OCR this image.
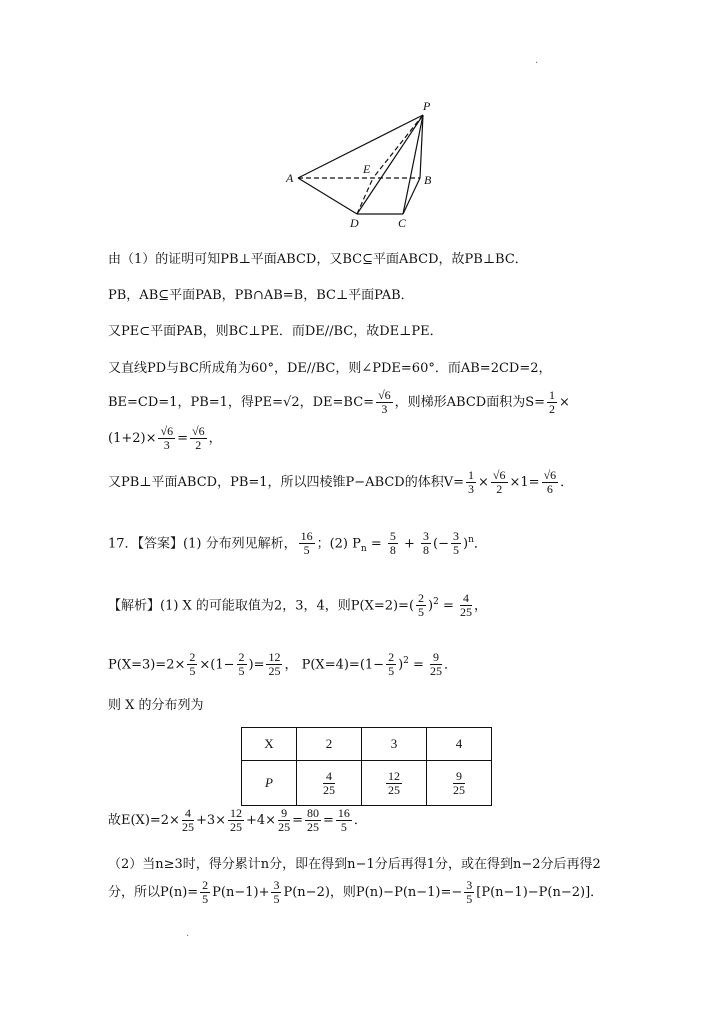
.
.
P
A	B
C
D
E
由（1）的证明可知PB⊥平面ABCD，又BC⊆平面ABCD，故PB⊥BC．
PB，AB⊆平面PAB，PB∩AB=B，BC⊥平面PAB．
又PE⊂平面PAB，则BC⊥PE．而DE//BC，故DE⊥PE．
又直线PD与BC所成角为60°，DE//BC，则∠PDE=60°．而AB=2CD=2，
BE=CD=1，PB=1，得PE=√2，$DE=BC= \frac{√6}{3}$ ，则梯形ABCD面积为$S= \frac{1}{2}$ ×
$(1+2)\times \frac{√6}{3} = \frac{√6}{2}$ ，
又PB⊥平面ABCD，PB=1，所以四棱锥P−ABCD的体积$V= \frac{1}{3} \times \frac{√6}{2} \times 1= \frac{√6}{6}$ ．
17．【答案】(1) 分布列见解析， $\frac{16}{5}$ ；(2) $P_n = \frac{5}{8} + \frac{3}{8}$ (− $\frac{3}{5} )^n$．
【解析】(1) X 的可能取值为2，3，4，则$P(X=2)=( \frac{2}{5} )^2 = \frac{4}{25}$ ，
$P(X=3)=2\times \frac{2}{5} \times(1- \frac{2}{5}$ )= $\frac{12}{25}$ ， $P(X=4)=(1- \frac{2}{5} )^2 = \frac{9}{25}$ ．
则 X 的分布列为
X	2	3	4
P	$\frac{4}{25}$	$\frac{12}{25}$	$\frac{9}{25}$
故$E(X)=2\times \frac{4}{25} +3\times \frac{12}{25} +4\times \frac{9}{25} = \frac{80}{25} = \frac{16}{5}$ ．
（2）当n≥3时，得分累计n分，即在得到n−1分后再得1分，或在得到n−2分后再得2
分，所以$P(n)= \frac{2}{5} P(n-1)+ \frac{3}{5} P(n-2)$，则$P(n)-P(n-1)=- \frac{3}{5} [P(n-1)-P(n-2)]$．
